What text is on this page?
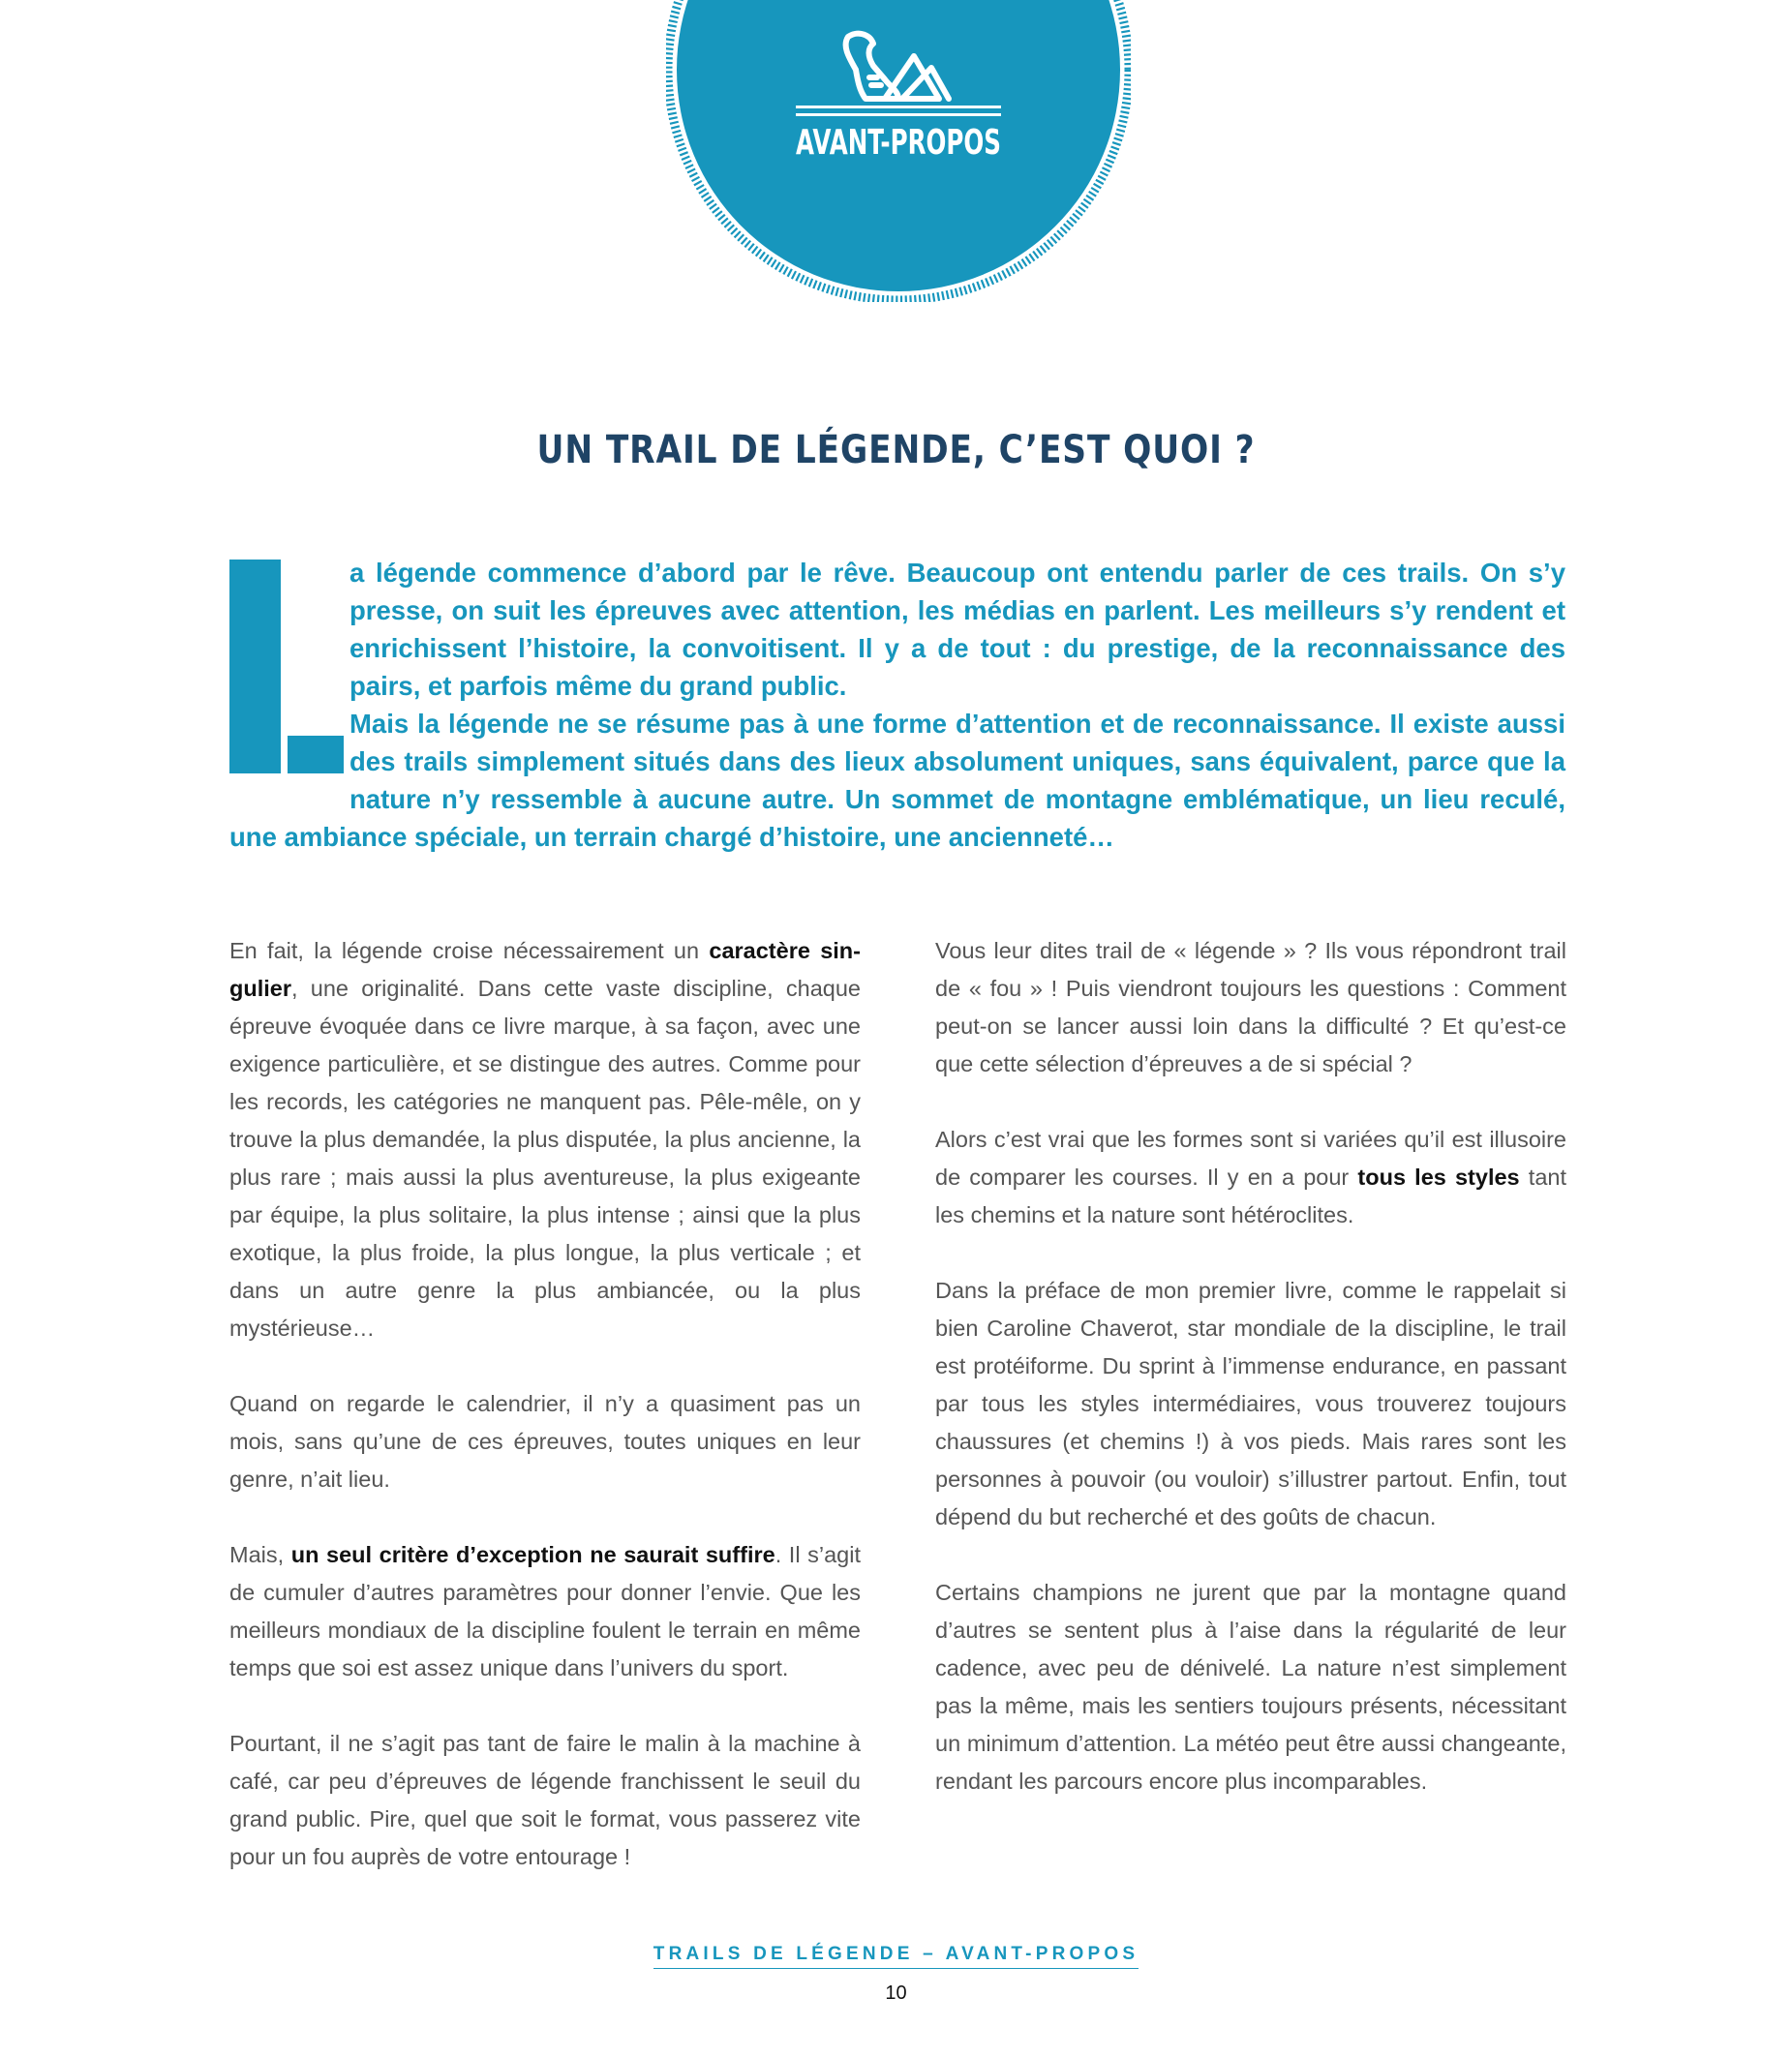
AVANT-PROPOS
UN TRAIL DE LÉGENDE, C’EST QUOI ?

a légende commence d’abord par le rêve. Beaucoup ont entendu parler de ces trails. On s’y presse, on suit les épreuves avec attention, les médias en parlent. Les meilleurs s’y rendent et enrichissent l’histoire, la convoitisent. Il y a de tout : du prestige, de la reconnaissance des pairs, et parfois même du grand public.

Mais la légende ne se résume pas à une forme d’attention et de reconnaissance. Il existe aussi des trails simplement situés dans des lieux absolument uniques, sans équivalent, parce que la nature n’y ressemble à aucune autre. Un sommet de montagne emblématique, un lieu reculé, une ambiance spéciale, un terrain chargé d’histoire, une ancienneté…

En fait, la légende croise nécessairement un caractère singulier, une originalité. Dans cette vaste discipline, chaque épreuve évoquée dans ce livre marque, à sa façon, avec une exigence particulière, et se distingue des autres. Comme pour les records, les catégories ne manquent pas. Pêle-mêle, on y trouve la plus demandée, la plus disputée, la plus ancienne, la plus rare ; mais aussi la plus aventureuse, la plus exigeante par équipe, la plus solitaire, la plus intense ; ainsi que la plus exotique, la plus froide, la plus longue, la plus verticale ; et dans un autre genre la plus ambiancée, ou la plus mystérieuse…

Quand on regarde le calendrier, il n’y a quasiment pas un mois, sans qu’une de ces épreuves, toutes uniques en leur genre, n’ait lieu.

Mais, un seul critère d’exception ne saurait suffire. Il s’agit de cumuler d’autres paramètres pour donner l’envie. Que les meilleurs mondiaux de la discipline foulent le terrain en même temps que soi est assez unique dans l’univers du sport.

Pourtant, il ne s’agit pas tant de faire le malin à la machine à café, car peu d’épreuves de légende franchissent le seuil du grand public. Pire, quel que soit le format, vous passerez vite pour un fou auprès de votre entourage !

Vous leur dites trail de « légende » ? Ils vous répondront trail de « fou » ! Puis viendront toujours les questions : Comment peut-on se lancer aussi loin dans la difficulté ? Et qu’est-ce que cette sélection d’épreuves a de si spécial ?

Alors c’est vrai que les formes sont si variées qu’il est illusoire de comparer les courses. Il y en a pour tous les styles tant les chemins et la nature sont hétéroclites.

Dans la préface de mon premier livre, comme le rappelait si bien Caroline Chaverot, star mondiale de la discipline, le trail est protéiforme. Du sprint à l’immense endurance, en passant par tous les styles intermédiaires, vous trouverez toujours chaussures (et chemins !) à vos pieds. Mais rares sont les personnes à pouvoir (ou vouloir) s’illustrer partout. Enfin, tout dépend du but recherché et des goûts de chacun.

Certains champions ne jurent que par la montagne quand d’autres se sentent plus à l’aise dans la régularité de leur cadence, avec peu de dénivelé. La nature n’est simplement pas la même, mais les sentiers toujours présents, nécessitant un minimum d’attention. La météo peut être aussi changeante, rendant les parcours encore plus incomparables.

TRAILS DE LÉGENDE – AVANT-PROPOS
10
